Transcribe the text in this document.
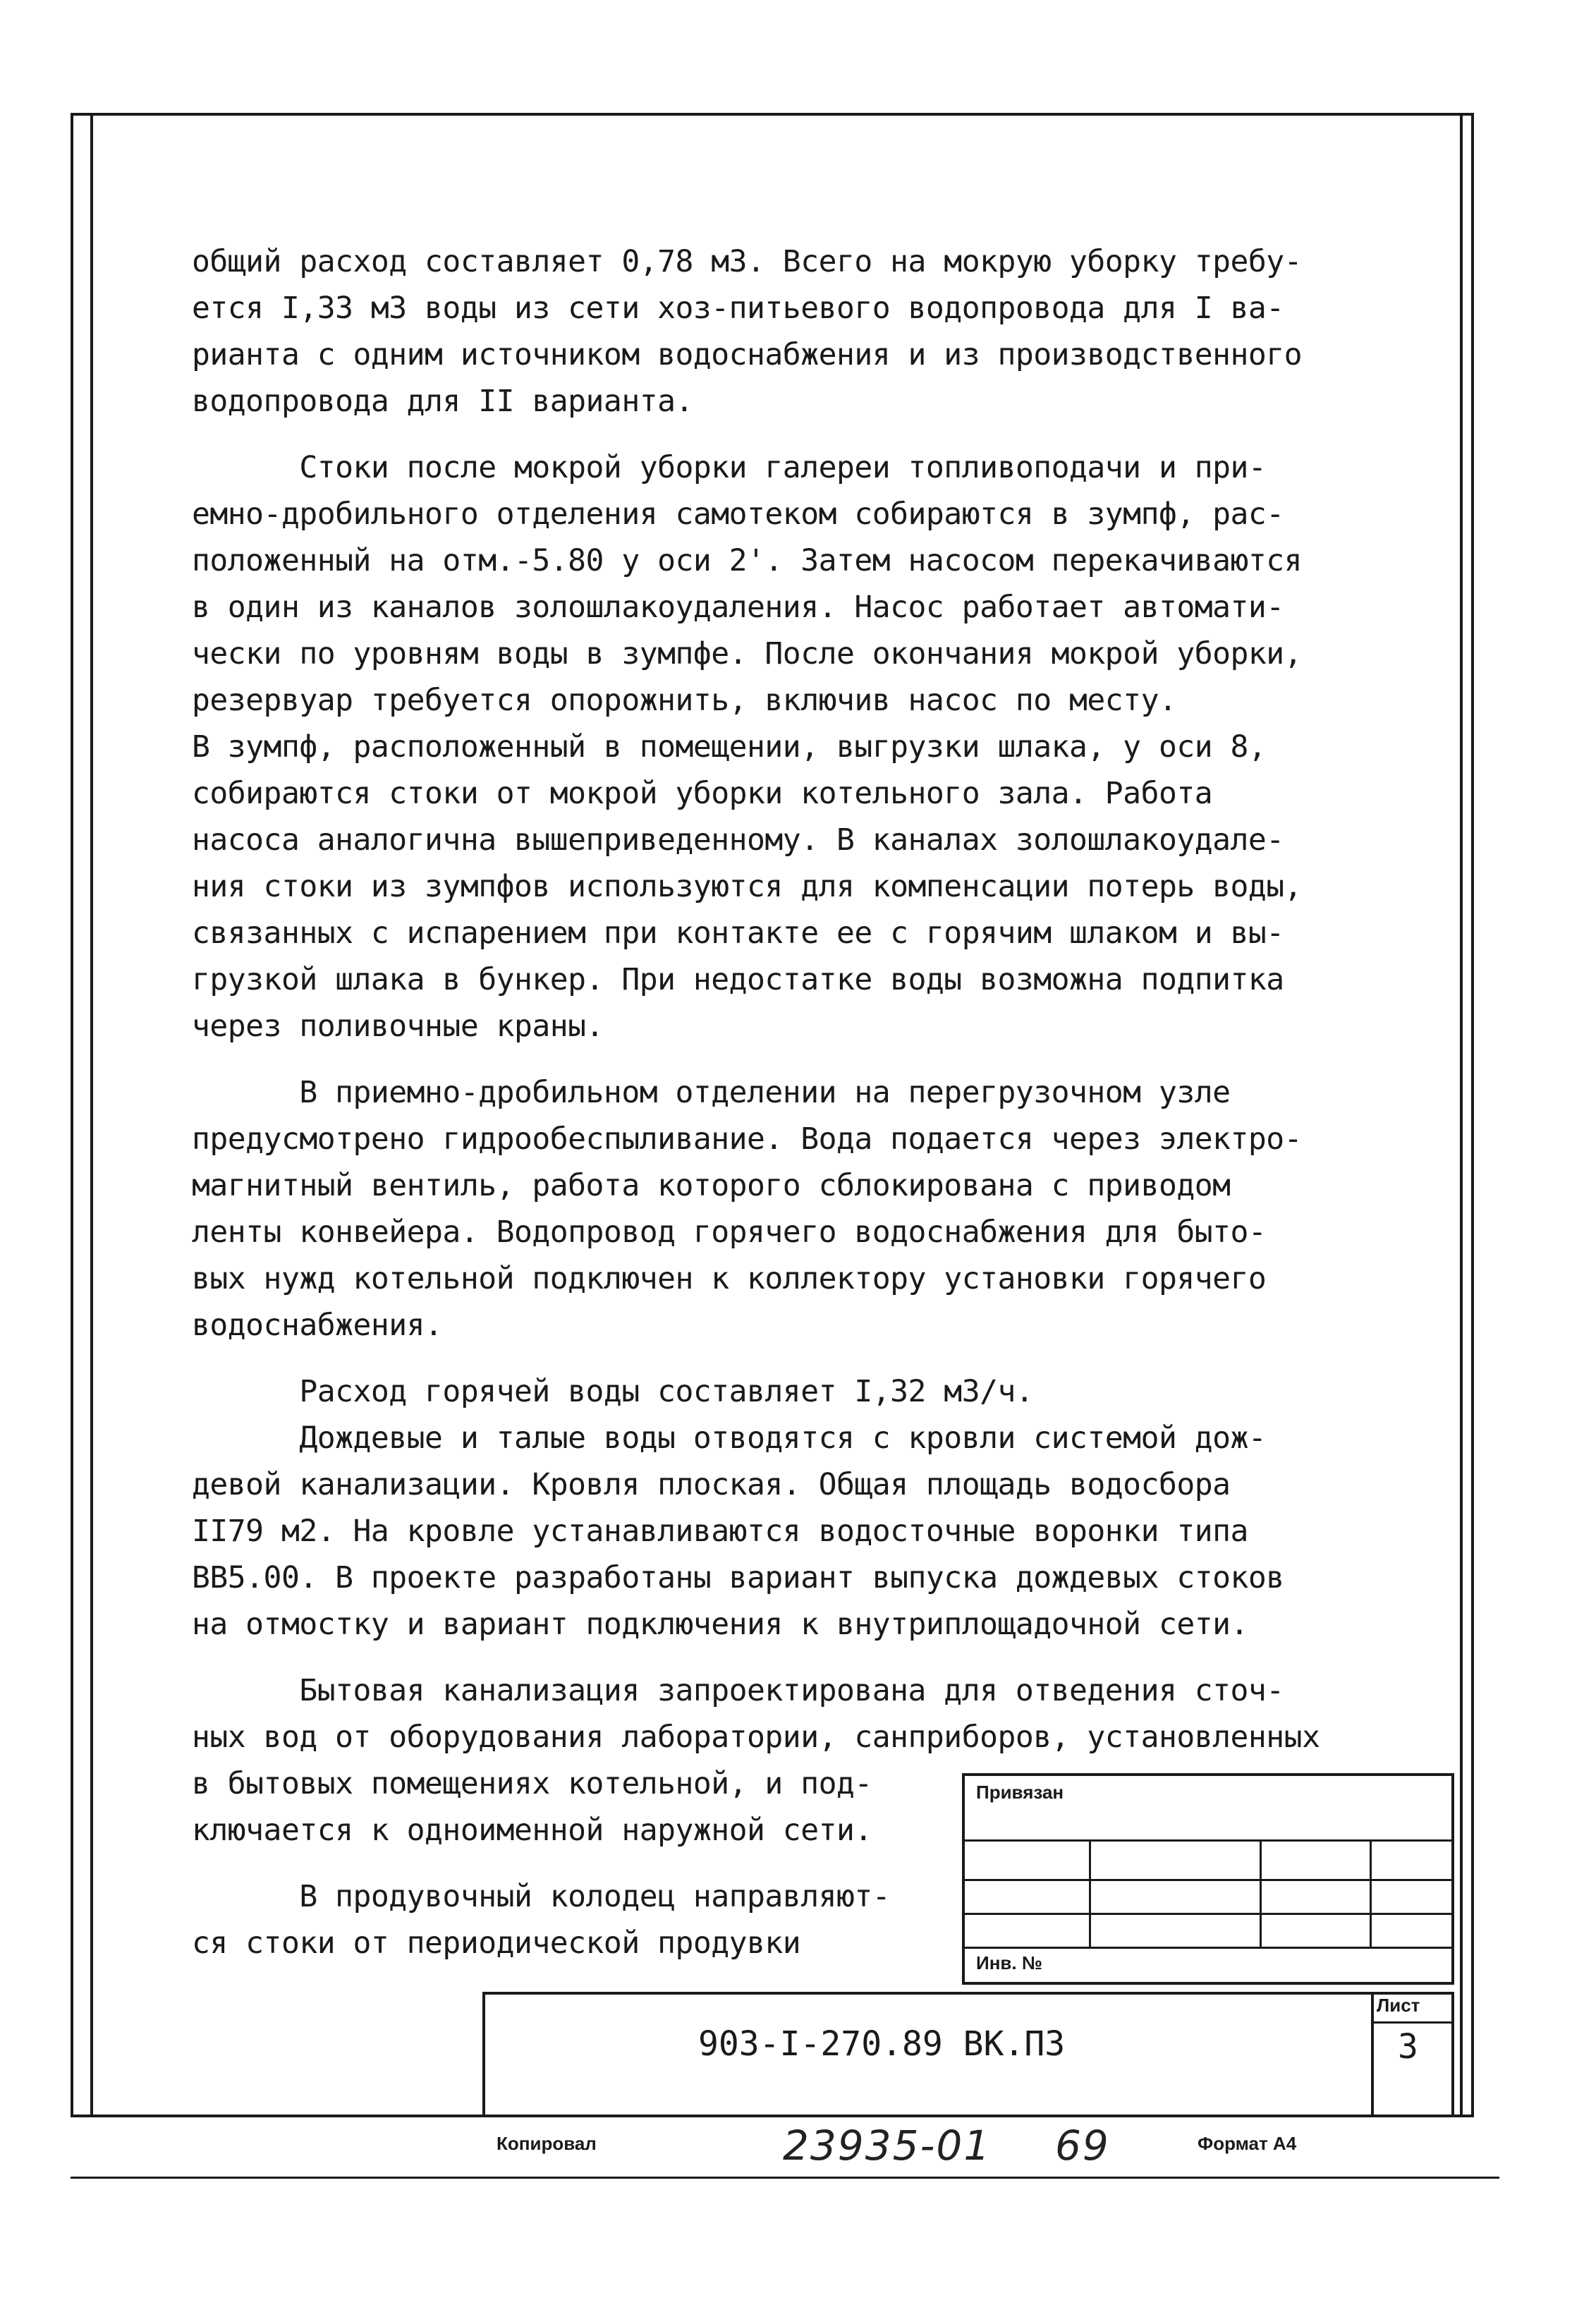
общий расход составляет 0,78 м3. Всего на мокрую уборку требу-
ется I,33 м3 воды из сети хоз-питьевого водопровода для I ва-
рианта с одним источником водоснабжения и из производственного
водопровода для II варианта.
Стоки после мокрой уборки галереи топливоподачи и при-
емно-дробильного отделения самотеком собираются в зумпф, рас-
положенный на отм.-5.80 у оси 2'. Затем насосом перекачиваются
в один из каналов золошлакоудаления. Насос работает автомати-
чески по уровням воды в зумпфе. После окончания мокрой уборки,
резервуар требуется опорожнить, включив насос по месту.
В зумпф, расположенный в помещении, выгрузки шлака, у оси 8,
собираются стоки от мокрой уборки котельного зала. Работа
насоса аналогична вышеприведенному. В каналах золошлакоудале-
ния стоки из зумпфов используются для компенсации потерь воды,
связанных с испарением при контакте ее с горячим шлаком и вы-
грузкой шлака в бункер. При недостатке воды возможна подпитка
через поливочные краны.
В приемно-дробильном отделении на перегрузочном узле
предусмотрено гидрообеспыливание. Вода подается через электро-
магнитный вентиль, работа которого сблокирована с приводом
ленты конвейера. Водопровод горячего водоснабжения для быто-
вых нужд котельной подключен к коллектору установки горячего
водоснабжения.
Расход горячей воды составляет I,32 м3/ч.
Дождевые и талые воды отводятся с кровли системой дож-
девой канализации. Кровля плоская. Общая площадь водосбора
II79 м2. На кровле устанавливаются водосточные воронки типа
ВВ5.00. В проекте разработаны вариант выпуска дождевых стоков
на отмостку и вариант подключения к внутриплощадочной сети.
Бытовая канализация запроектирована для отведения сточ-
ных вод от оборудования лаборатории, санприборов, установленных
в бытовых помещениях котельной, и под-
ключается к одноименной наружной сети.
В продувочный колодец направляют-
ся стоки от периодической продувки
Привязан
Инв. №
903-I-270.89 ВК.ПЗ
Лист
3
Копировал	23935-01 69	Формат А4
